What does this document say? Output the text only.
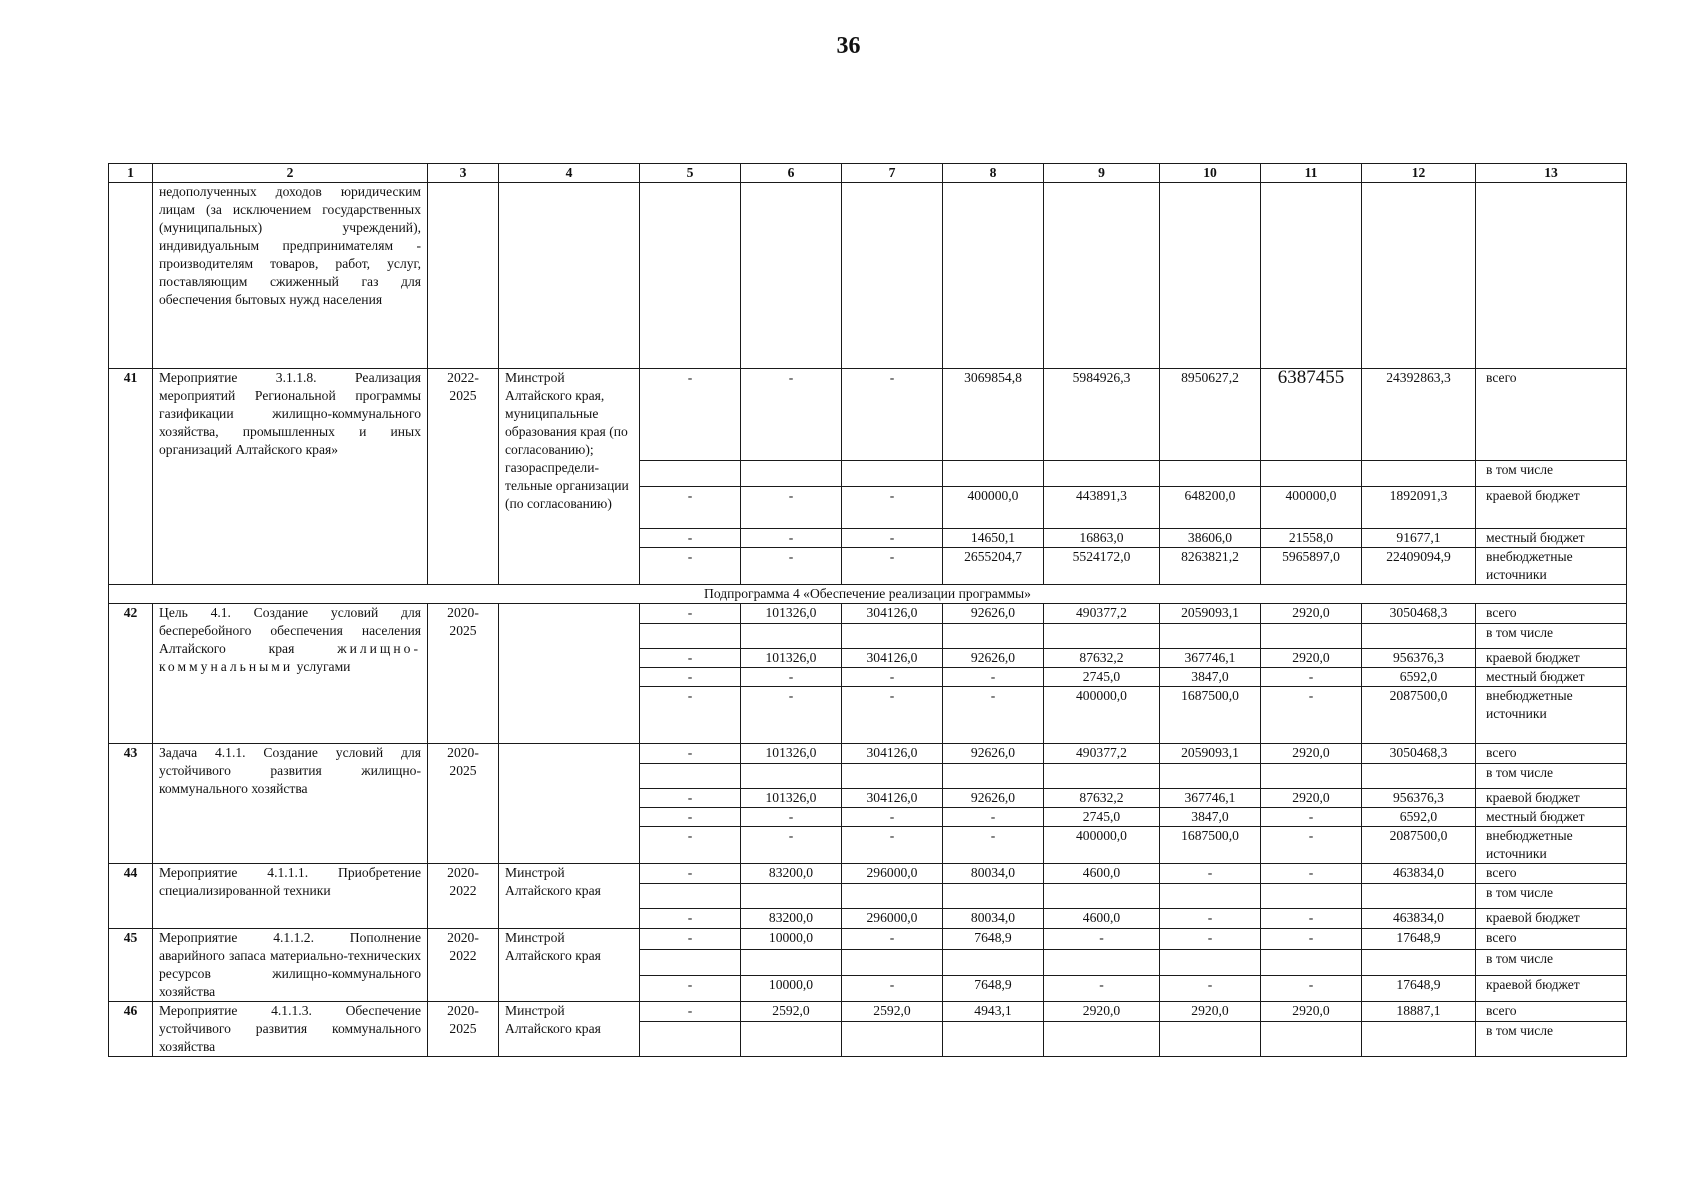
36
1	2	3	4	5	6	7	8	9	10	11	12	13
	недополученных доходов юридическим лицам (за исключением государственных (муниципальных) учреждений), индивидуальным предпринимателям - производителям товаров, работ, услуг, поставляющим сжиженный газ для обеспечения бытовых нужд населения											
41	Мероприятие 3.1.1.8. Реализация мероприятий Региональной программы газификации жилищно-коммунального хозяйства, промышленных и иных организаций Алтайского края»	2022-2025	Минстрой Алтайского края, муниципальные образования края (по согласованию); газораспредели-тельные организации (по согласованию)	-	-	-	3069854,8	5984926,3	8950627,2	6387455	24392863,3	всего
												в том числе
				-	-	-	400000,0	443891,3	648200,0	400000,0	1892091,3	краевой бюджет
				-	-	-	14650,1	16863,0	38606,0	21558,0	91677,1	местный бюджет
				-	-	-	2655204,7	5524172,0	8263821,2	5965897,0	22409094,9	внебюджетные источники
Подпрограмма 4 «Обеспечение реализации программы»												
42	Цель 4.1. Создание условий для бесперебойного обеспечения населения Алтайского края жилищно-коммунальными услугами	2020-2025		-	101326,0	304126,0	92626,0	490377,2	2059093,1	2920,0	3050468,3	всего
												в том числе
				-	101326,0	304126,0	92626,0	87632,2	367746,1	2920,0	956376,3	краевой бюджет
				-	-	-	-	2745,0	3847,0	-	6592,0	местный бюджет
				-	-	-	-	400000,0	1687500,0	-	2087500,0	внебюджетные источники
43	Задача 4.1.1. Создание условий для устойчивого развития жилищно-коммунального хозяйства	2020-2025		-	101326,0	304126,0	92626,0	490377,2	2059093,1	2920,0	3050468,3	всего
												в том числе
				-	101326,0	304126,0	92626,0	87632,2	367746,1	2920,0	956376,3	краевой бюджет
				-	-	-	-	2745,0	3847,0	-	6592,0	местный бюджет
				-	-	-	-	400000,0	1687500,0	-	2087500,0	внебюджетные источники
44	Мероприятие 4.1.1.1. Приобретение специализированной техники	2020-2022	Минстрой Алтайского края	-	83200,0	296000,0	80034,0	4600,0	-	-	463834,0	всего
												в том числе
				-	83200,0	296000,0	80034,0	4600,0	-	-	463834,0	краевой бюджет
45	Мероприятие 4.1.1.2. Пополнение аварийного запаса материально-технических ресурсов жилищно-коммунального хозяйства	2020-2022	Минстрой Алтайского края	-	10000,0	-	7648,9	-	-	-	17648,9	всего
												в том числе
				-	10000,0	-	7648,9	-	-	-	17648,9	краевой бюджет
46	Мероприятие 4.1.1.3. Обеспечение устойчивого развития коммунального хозяйства	2020-2025	Минстрой Алтайского края	-	2592,0	2592,0	4943,1	2920,0	2920,0	2920,0	18887,1	всего
												в том числе
